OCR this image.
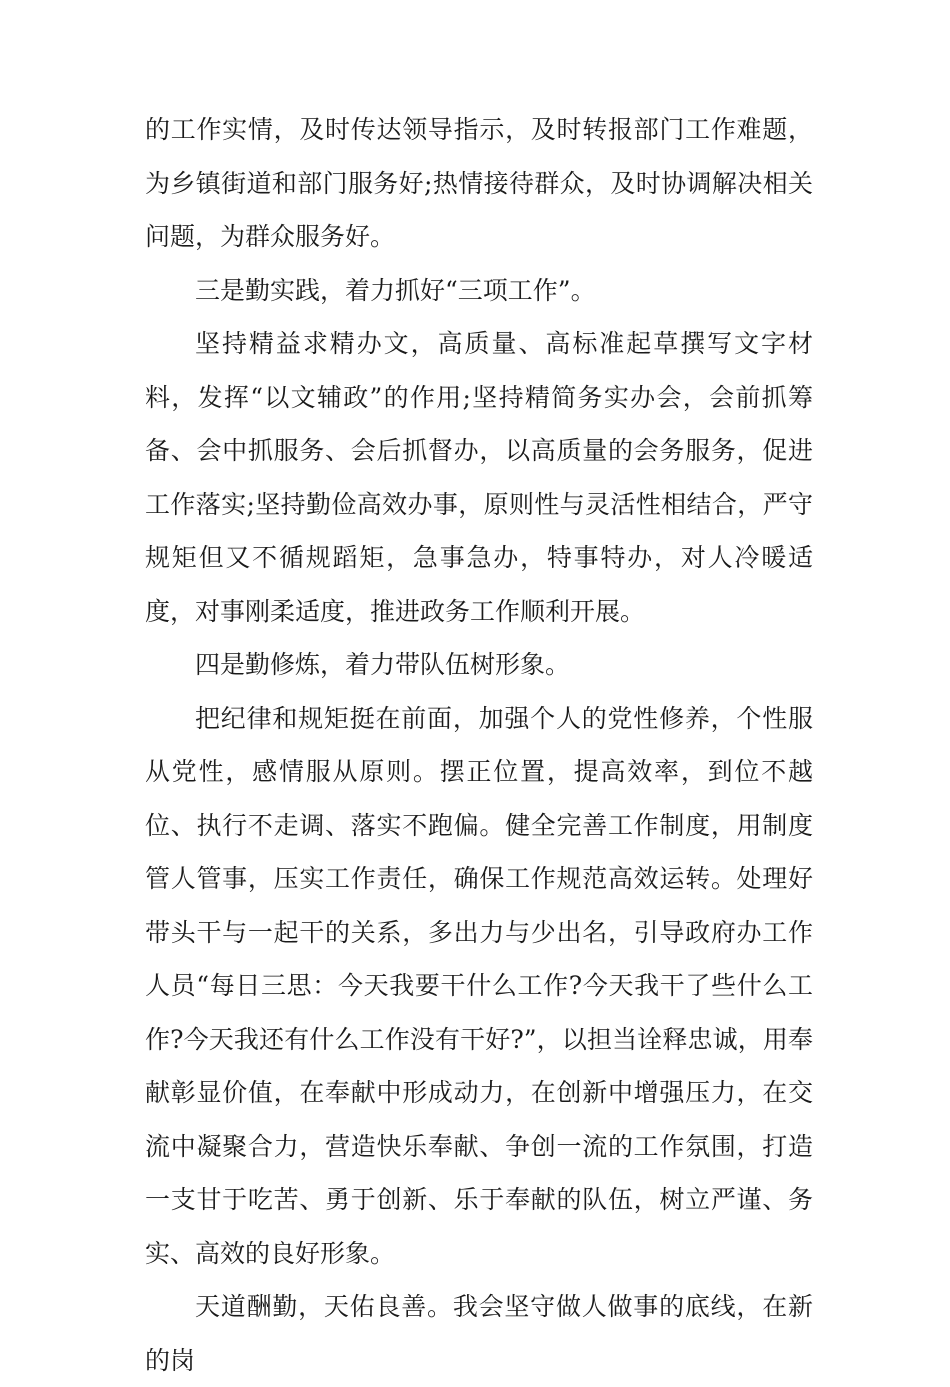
的工作实情，及时传达领导指示，及时转报部门工作难题，为乡镇街道和部门服务好;热情接待群众，及时协调解决相关问题，为群众服务好。

三是勤实践，着力抓好“三项工作”。

坚持精益求精办文，高质量、高标准起草撰写文字材料，发挥“以文辅政”的作用;坚持精简务实办会，会前抓筹备、会中抓服务、会后抓督办，以高质量的会务服务，促进工作落实;坚持勤俭高效办事，原则性与灵活性相结合，严守规矩但又不循规蹈矩，急事急办，特事特办，对人冷暖适度，对事刚柔适度，推进政务工作顺利开展。

四是勤修炼，着力带队伍树形象。

把纪律和规矩挺在前面，加强个人的党性修养，个性服从党性，感情服从原则。摆正位置，提高效率，到位不越位、执行不走调、落实不跑偏。健全完善工作制度，用制度管人管事，压实工作责任，确保工作规范高效运转。处理好带头干与一起干的关系，多出力与少出名，引导政府办工作人员“每日三思：今天我要干什么工作?今天我干了些什么工作?今天我还有什么工作没有干好?”，以担当诠释忠诚，用奉献彰显价值，在奉献中形成动力，在创新中增强压力，在交流中凝聚合力，营造快乐奉献、争创一流的工作氛围，打造一支甘于吃苦、勇于创新、乐于奉献的队伍，树立严谨、务实、高效的良好形象。

天道酬勤，天佑良善。我会坚守做人做事的底线，在新的岗
